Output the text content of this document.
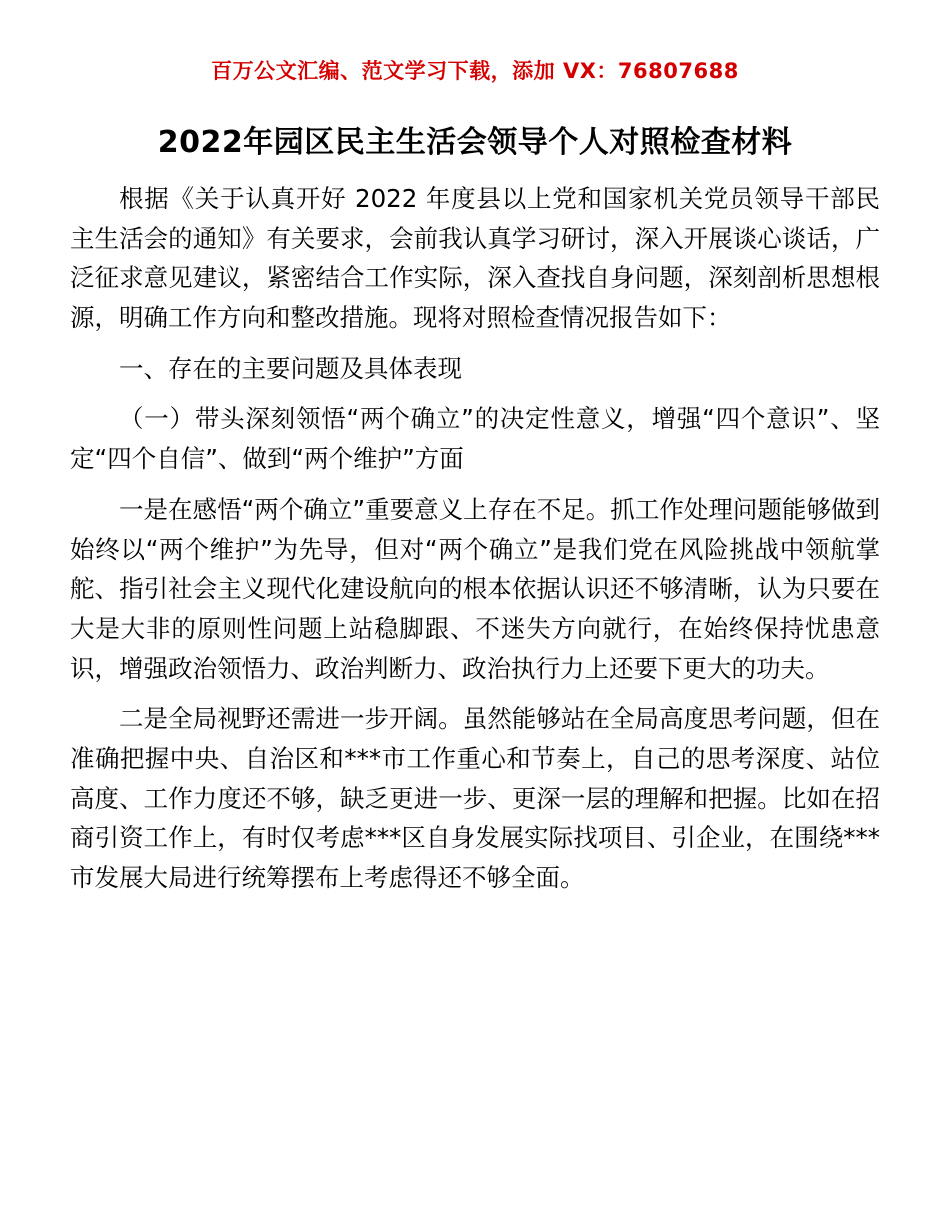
百万公文汇编、范文学习下载，添加 VX：76807688
2022年园区民主生活会领导个人对照检查材料

根据《关于认真开好 2022 年度县以上党和国家机关党员领导干部民主生活会的通知》有关要求，会前我认真学习研讨，深入开展谈心谈话，广泛征求意见建议，紧密结合工作实际，深入查找自身问题，深刻剖析思想根源，明确工作方向和整改措施。现将对照检查情况报告如下：

一、存在的主要问题及具体表现

（一）带头深刻领悟“两个确立”的决定性意义，增强“四个意识”、坚定“四个自信”、做到“两个维护”方面

一是在感悟“两个确立”重要意义上存在不足。抓工作处理问题能够做到始终以“两个维护”为先导，但对“两个确立”是我们党在风险挑战中领航掌舵、指引社会主义现代化建设航向的根本依据认识还不够清晰，认为只要在大是大非的原则性问题上站稳脚跟、不迷失方向就行，在始终保持忧患意识，增强政治领悟力、政治判断力、政治执行力上还要下更大的功夫。

二是全局视野还需进一步开阔。虽然能够站在全局高度思考问题，但在准确把握中央、自治区和***市工作重心和节奏上，自己的思考深度、站位高度、工作力度还不够，缺乏更进一步、更深一层的理解和把握。比如在招商引资工作上，有时仅考虑***区自身发展实际找项目、引企业，在围绕***市发展大局进行统筹摆布上考虑得还不够全面。
